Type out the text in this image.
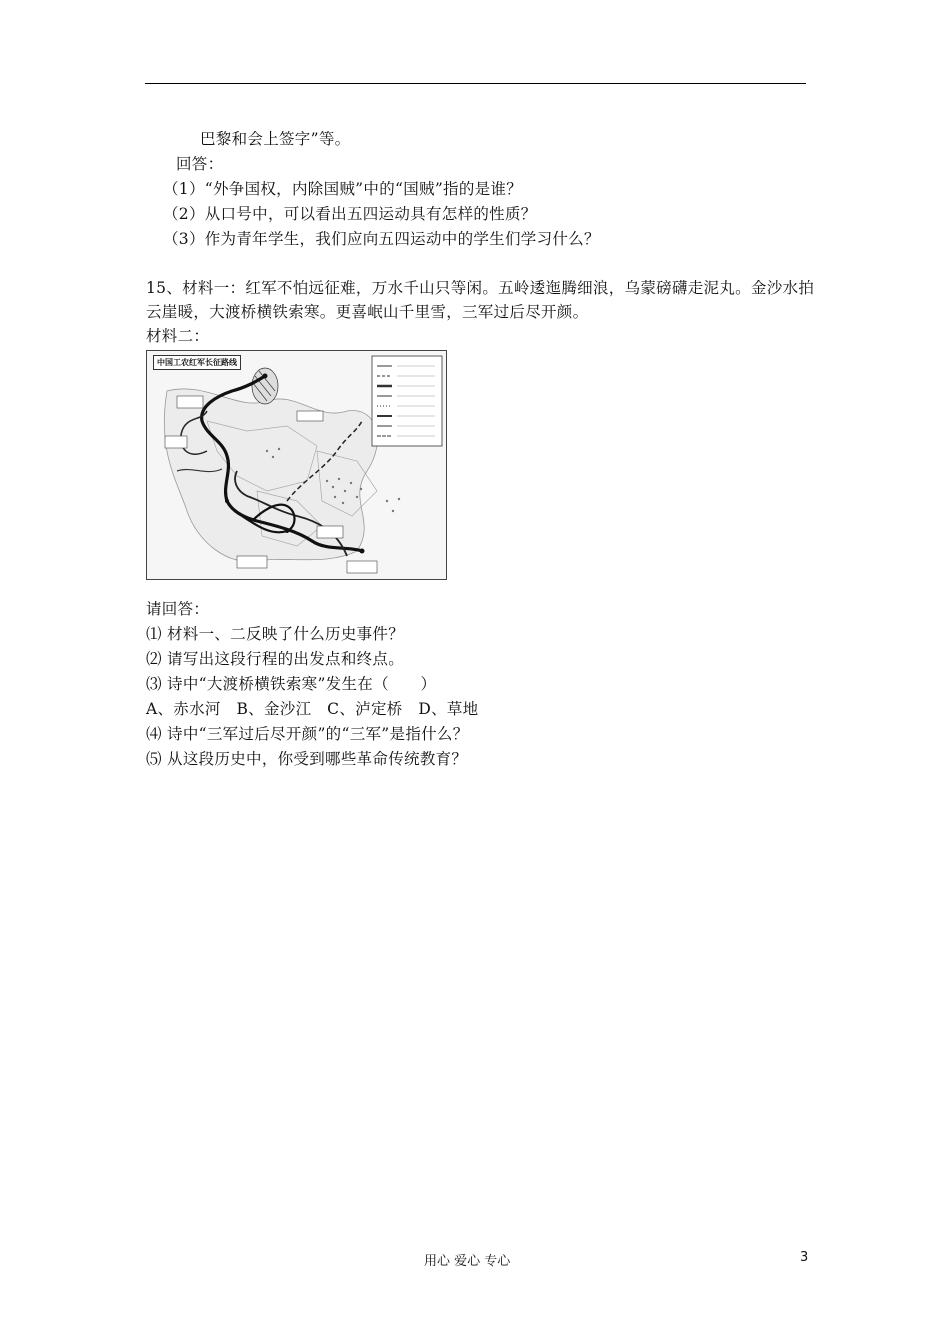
巴黎和会上签字”等。
回答：
（1）“外争国权，内除国贼”中的“国贼”指的是谁？
（2）从口号中，可以看出五四运动具有怎样的性质？
（3）作为青年学生，我们应向五四运动中的学生们学习什么？
15、材料一：红军不怕远征难，万水千山只等闲。五岭逶迤腾细浪，乌蒙磅礴走泥丸。金沙水拍
云崖暖，大渡桥横铁索寒。更喜岷山千里雪，三军过后尽开颜。
材料二：
中国工农红军长征路线
请回答：
⑴ 材料一、二反映了什么历史事件？
⑵ 请写出这段行程的出发点和终点。
⑶ 诗中“大渡桥横铁索寒”发生在（　　）
A、赤水河　B、金沙江　C、泸定桥　D、草地
⑷ 诗中“三军过后尽开颜”的“三军”是指什么？
⑸ 从这段历史中，你受到哪些革命传统教育？
用心 爱心 专心	3
